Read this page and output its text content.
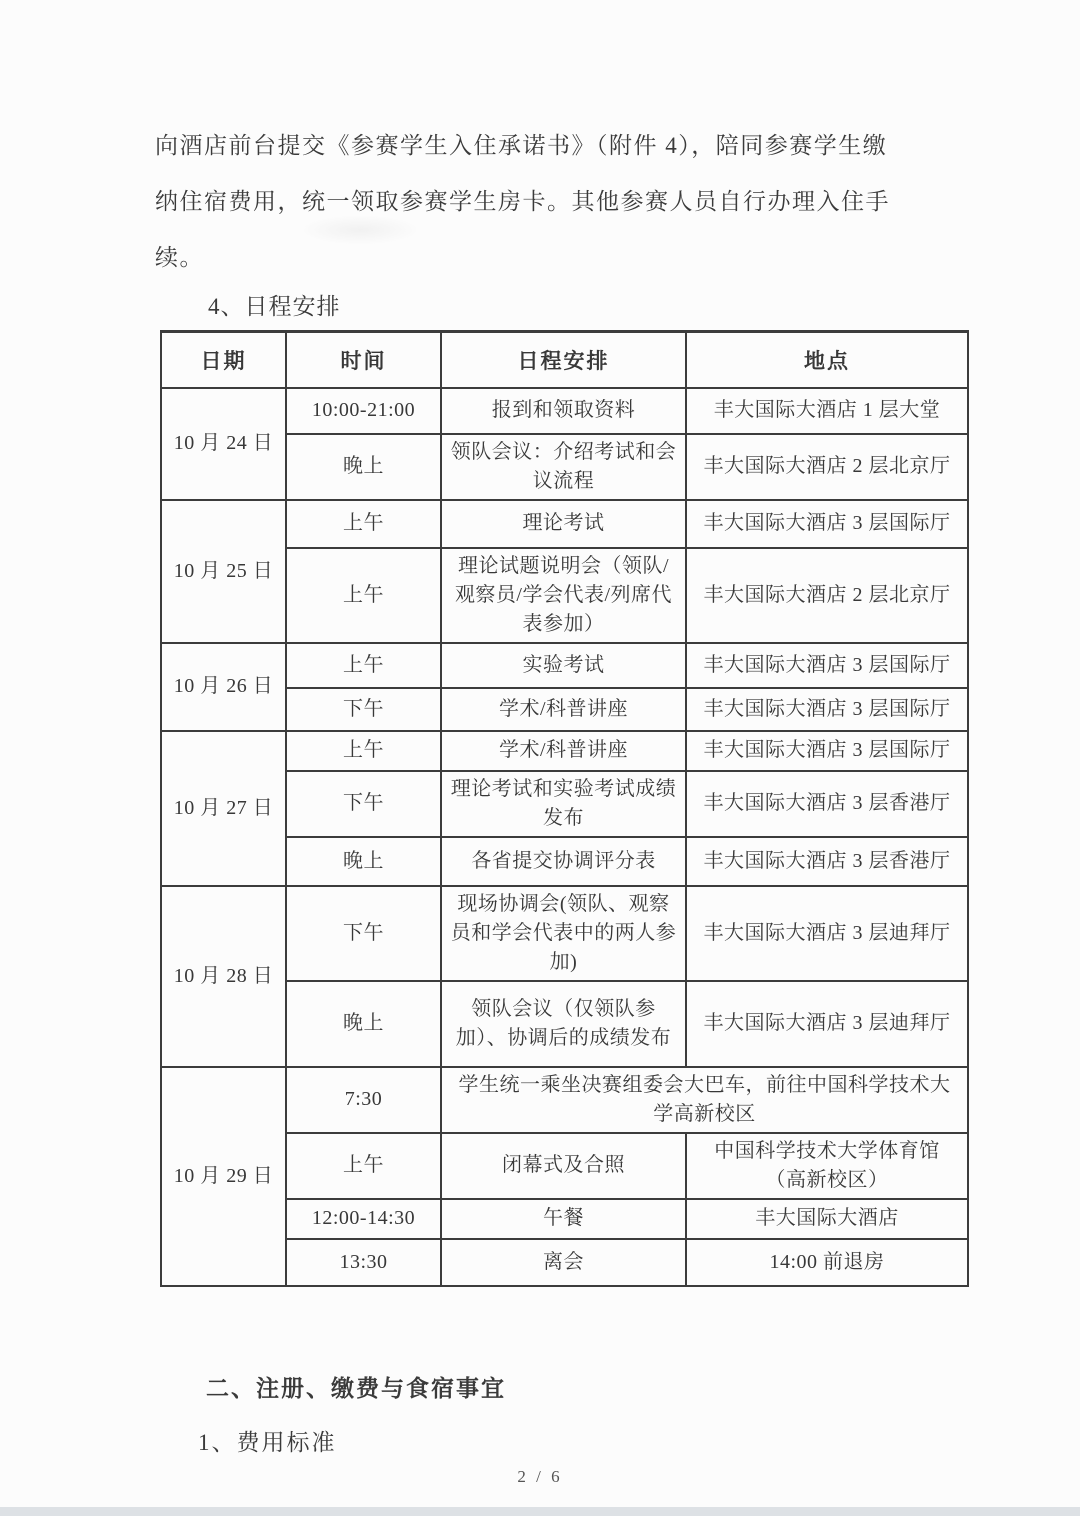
向酒店前台提交《参赛学生入住承诺书》（附件 4），陪同参赛学生缴
纳住宿费用，统一领取参赛学生房卡。其他参赛人员自行办理入住手
续。
4、日程安排
日期	时间	日程安排	地点
10 月 24 日	10:00-21:00	报到和领取资料	丰大国际大酒店 1 层大堂
	晚上	领队会议：介绍考试和会议流程	丰大国际大酒店 2 层北京厅
10 月 25 日	上午	理论考试	丰大国际大酒店 3 层国际厅
	上午	理论试题说明会（领队/观察员/学会代表/列席代表参加）	丰大国际大酒店 2 层北京厅
10 月 26 日	上午	实验考试	丰大国际大酒店 3 层国际厅
	下午	学术/科普讲座	丰大国际大酒店 3 层国际厅
10 月 27 日	上午	学术/科普讲座	丰大国际大酒店 3 层国际厅
	下午	理论考试和实验考试成绩发布	丰大国际大酒店 3 层香港厅
	晚上	各省提交协调评分表	丰大国际大酒店 3 层香港厅
10 月 28 日	下午	现场协调会(领队、观察员和学会代表中的两人参加)	丰大国际大酒店 3 层迪拜厅
	晚上	领队会议（仅领队参加）、协调后的成绩发布	丰大国际大酒店 3 层迪拜厅
10 月 29 日	7:30	学生统一乘坐决赛组委会大巴车，前往中国科学技术大学高新校区	
	上午	闭幕式及合照	中国科学技术大学体育馆（高新校区）
	12:00-14:30	午餐	丰大国际大酒店
	13:30	离会	14:00 前退房
二、注册、缴费与食宿事宜
1、费用标准
2 / 6
